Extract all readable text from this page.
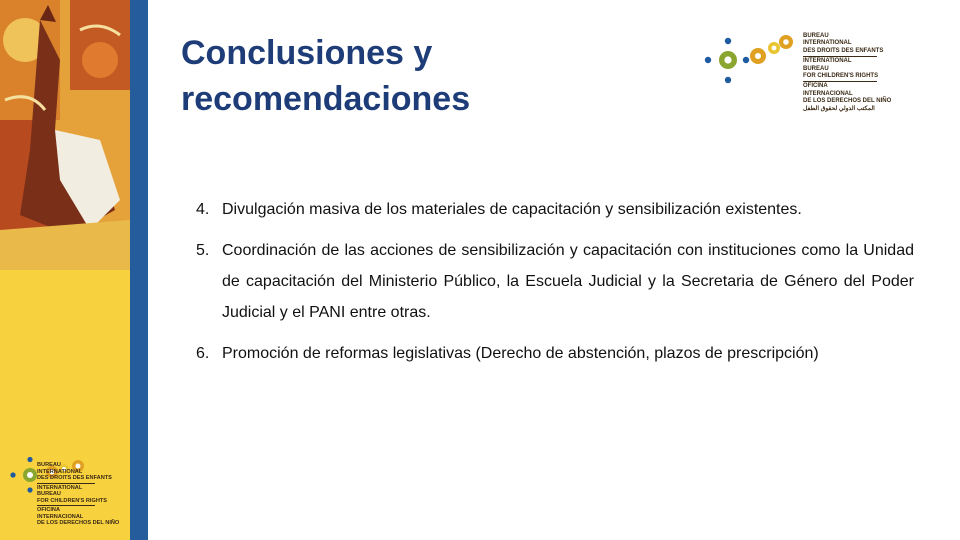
BUREAU
INTERNATIONAL
DES DROITS DES ENFANTS
INTERNATIONAL
BUREAU
FOR CHILDREN'S RIGHTS
OFICINA
INTERNACIONAL
DE LOS DERECHOS DEL NIÑO
Conclusiones y
recomendaciones
BUREAU
INTERNATIONAL
DES DROITS DES ENFANTS
INTERNATIONAL
BUREAU
FOR CHILDREN'S RIGHTS
OFICINA
INTERNACIONAL
DE LOS DERECHOS DEL NIÑO
المكتب الدولي لحقوق الطفل
4. Divulgación masiva de los materiales de capacitación y sensibilización existentes.
5. Coordinación de las acciones de sensibilización y capacitación con instituciones como la Unidad de capacitación del Ministerio Público, la Escuela Judicial y la Secretaria de Género del Poder Judicial y el PANI entre otras.
6. Promoción de reformas legislativas (Derecho de abstención, plazos de prescripción)
